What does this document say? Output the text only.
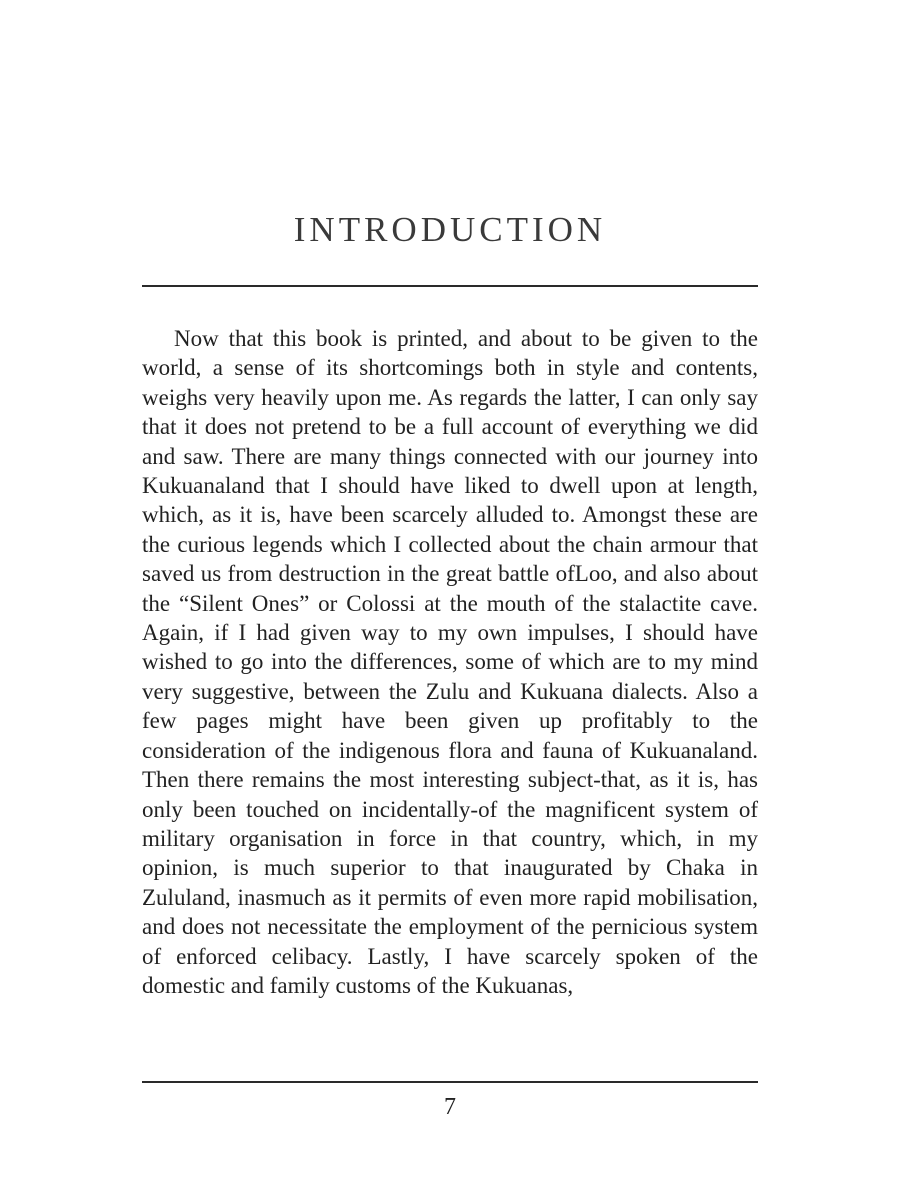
INTRODUCTION

Now that this book is printed, and about to be given to the world, a sense of its shortcomings both in style and contents, weighs very heavily upon me. As regards the latter, I can only say that it does not pretend to be a full account of everything we did and saw. There are many things connected with our journey into Kukuanaland that I should have liked to dwell upon at length, which, as it is, have been scarcely alluded to. Amongst these are the curious legends which I collected about the chain armour that saved us from destruction in the great battle ofLoo, and also about the “Silent Ones” or Colossi at the mouth of the stalactite cave. Again, if I had given way to my own impulses, I should have wished to go into the differences, some of which are to my mind very suggestive, between the Zulu and Kukuana dialects. Also a few pages might have been given up profitably to the consideration of the indigenous flora and fauna of Kukuanaland. Then there remains the most interesting subject-that, as it is, has only been touched on incidentally-of the magnificent system of military organisation in force in that country, which, in my opinion, is much superior to that inaugurated by Chaka in Zululand, inasmuch as it permits of even more rapid mobilisation, and does not necessitate the employment of the pernicious system of enforced celibacy. Lastly, I have scarcely spoken of the domestic and family customs of the Kukuanas,

7
